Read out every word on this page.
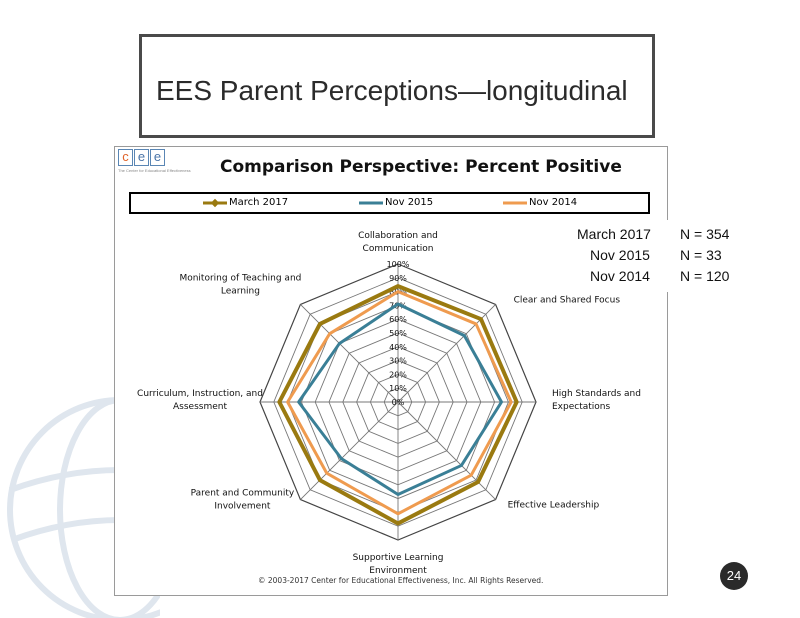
EES Parent Perceptions—longitudinal
c e e
The Center for Educational Effectiveness	Comparison Perspective: Percent Positive
March 2017	Nov 2015	Nov 2014
March 2017 N = 354
Nov 2015 N = 33
Nov 2014 N = 120
0%
10%
20%
30%
40%
50%
60%
70%
80%
90%
100%
Collaboration and
Communication
Clear and Shared Focus
High Standards and
Expectations
Effective Leadership
Supportive Learning
Environment
Parent and Community
Involvement
Curriculum, Instruction, and
Assessment
Monitoring of Teaching and
Learning
© 2003-2017 Center for Educational Effectiveness, Inc. All Rights Reserved.	24
